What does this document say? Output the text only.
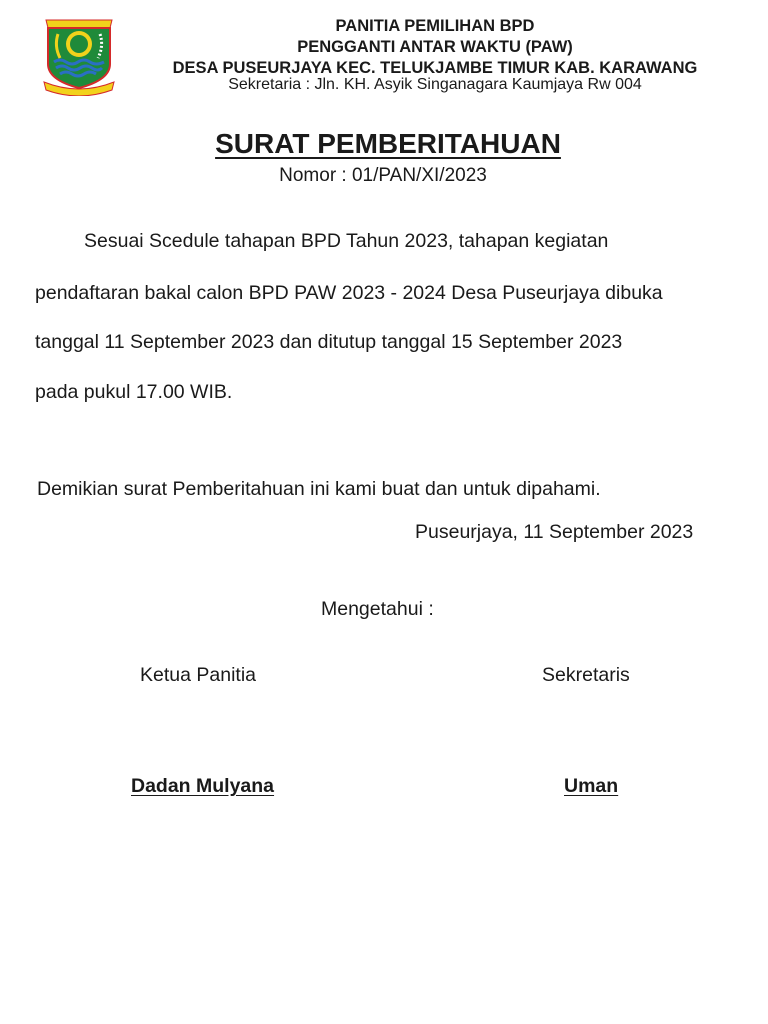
PANITIA PEMILIHAN BPD
PENGGANTI ANTAR WAKTU (PAW)
DESA PUSEURJAYA KEC. TELUKJAMBE TIMUR KAB. KARAWANG
Sekretaria : Jln. KH. Asyik Singanagara Kaumjaya Rw 004
SURAT PEMBERITAHUAN
Nomor : 01/PAN/XI/2023
Sesuai Scedule tahapan BPD Tahun 2023, tahapan kegiatan
pendaftaran bakal calon BPD PAW 2023 - 2024 Desa Puseurjaya dibuka
tanggal 11 September 2023 dan ditutup tanggal 15 September 2023
pada pukul 17.00 WIB.
Demikian surat Pemberitahuan ini kami buat dan untuk dipahami.
Puseurjaya, 11 September 2023
Mengetahui :
Ketua Panitia	Sekretaris
Dadan Mulyana	Uman
